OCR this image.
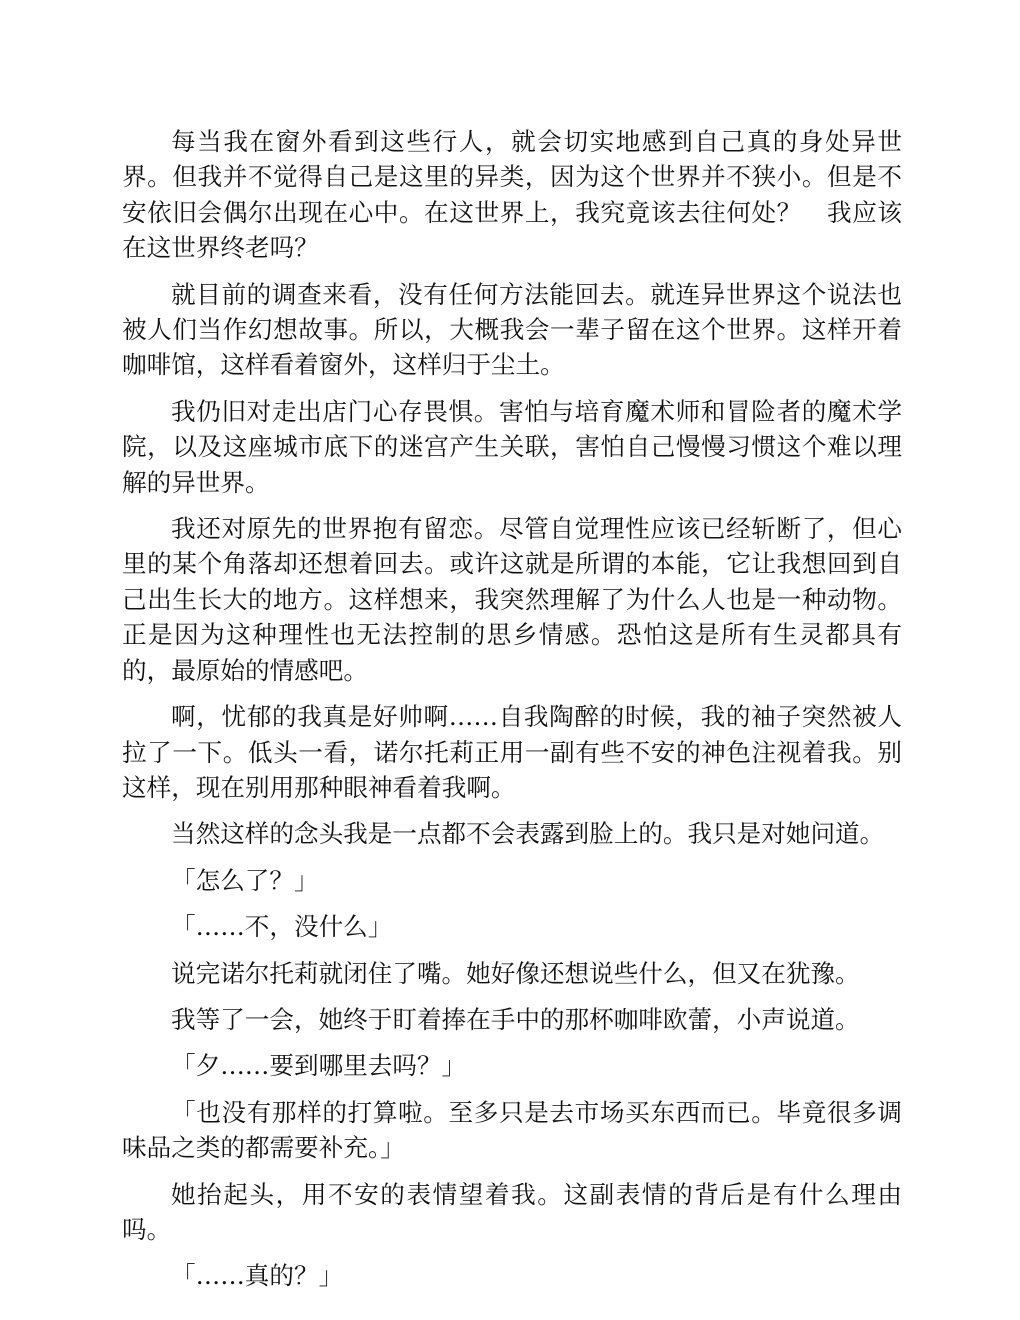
每当我在窗外看到这些行人，就会切实地感到自己真的身处异世界。但我并不觉得自己是这里的异类，因为这个世界并不狭小。但是不安依旧会偶尔出现在心中。在这世界上，我究竟该去往何处？　我应该在这世界终老吗？

就目前的调查来看，没有任何方法能回去。就连异世界这个说法也被人们当作幻想故事。所以，大概我会一辈子留在这个世界。这样开着咖啡馆，这样看着窗外，这样归于尘土。

我仍旧对走出店门心存畏惧。害怕与培育魔术师和冒险者的魔术学院，以及这座城市底下的迷宫产生关联，害怕自己慢慢习惯这个难以理解的异世界。

我还对原先的世界抱有留恋。尽管自觉理性应该已经斩断了，但心里的某个角落却还想着回去。或许这就是所谓的本能，它让我想回到自己出生长大的地方。这样想来，我突然理解了为什么人也是一种动物。正是因为这种理性也无法控制的思乡情感。恐怕这是所有生灵都具有的，最原始的情感吧。

啊，忧郁的我真是好帅啊……自我陶醉的时候，我的袖子突然被人拉了一下。低头一看，诺尔托莉正用一副有些不安的神色注视着我。别这样，现在别用那种眼神看着我啊。

当然这样的念头我是一点都不会表露到脸上的。我只是对她问道。

「怎么了？」

「……不，没什么」

说完诺尔托莉就闭住了嘴。她好像还想说些什么，但又在犹豫。

我等了一会，她终于盯着捧在手中的那杯咖啡欧蕾，小声说道。

「夕……要到哪里去吗？」

「也没有那样的打算啦。至多只是去市场买东西而已。毕竟很多调味品之类的都需要补充。」

她抬起头，用不安的表情望着我。这副表情的背后是有什么理由吗。

「……真的？」
